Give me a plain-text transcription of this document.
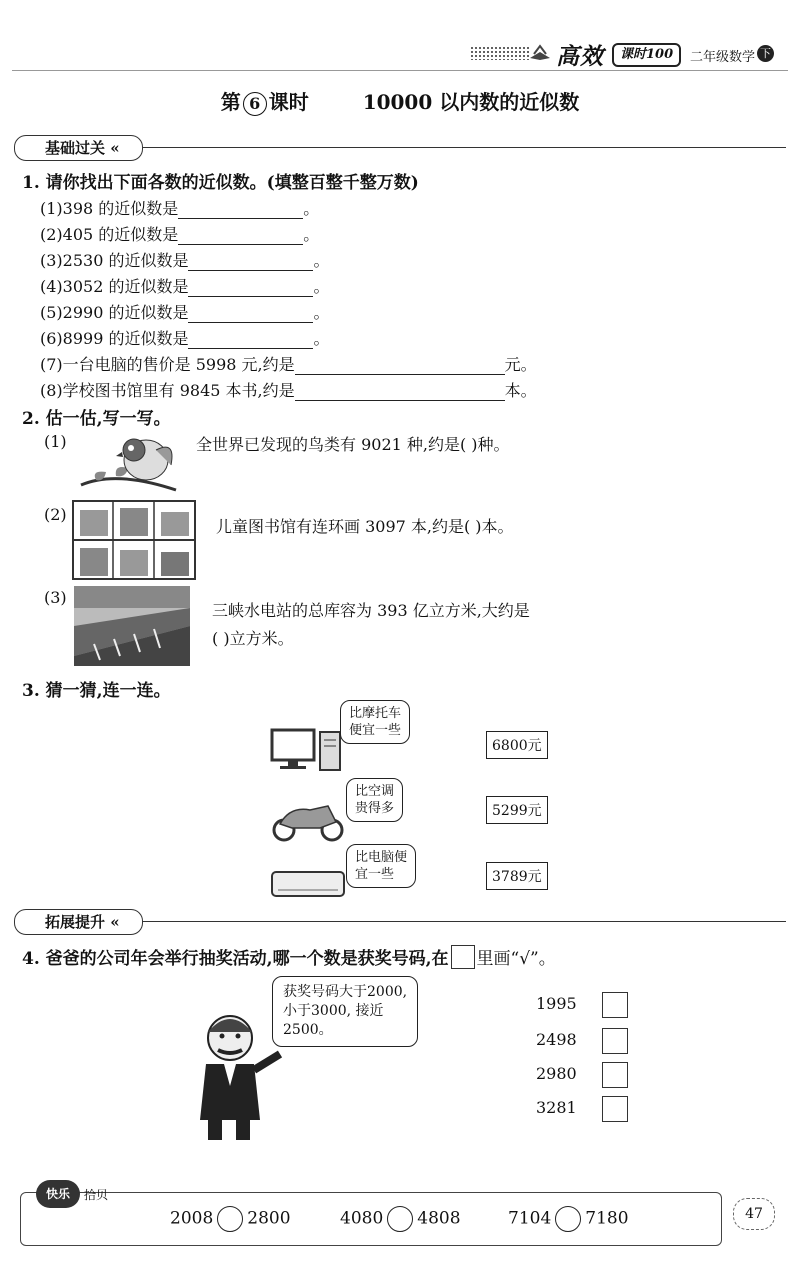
高效	课时100	二年级数学 下
第 6 课时	10000 以内数的近似数
基础过关 «
1. 请你找出下面各数的近似数。(填整百整千整万数)
(1)398 的近似数是	。
(2)405 的近似数是	。
(3)2530 的近似数是	。
(4)3052 的近似数是	。
(5)2990 的近似数是	。
(6)8999 的近似数是	。
(7)一台电脑的售价是 5998 元,约是	元。
(8)学校图书馆里有 9845 本书,约是	本。
2. 估一估,写一写。
(1)	全世界已发现的鸟类有 9021 种,约是( )种。
(2)
儿童图书馆有连环画 3097 本,约是( )本。
(3)
三峡水电站的总库容为 393 亿立方米,大约是
( )立方米。
3. 猜一猜,连一连。
比摩托车
便宜一些
比空调
贵得多
比电脑便
宜一些
6800元
5299元
3789元
拓展提升 «
4. 爸爸的公司年会举行抽奖活动,哪一个数是获奖号码,在 里画“√”。
获奖号码大于2000,
小于3000, 接近
2500。
1995
2498
2980
3281
快乐	拾贝
2008 2800	4080 4808	7104 7180	47
